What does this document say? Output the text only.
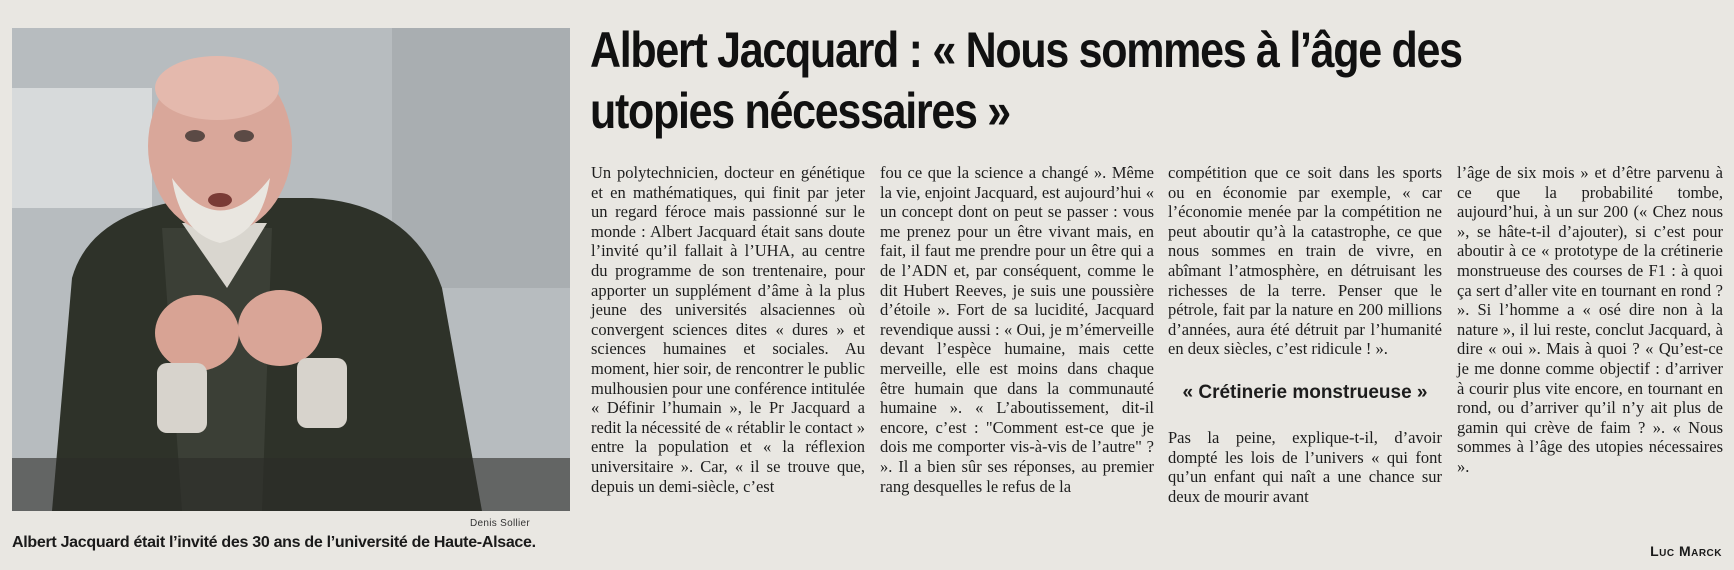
Denis Sollier
Albert Jacquard était l’invité des 30 ans de l’université de Haute-Alsace.
Albert Jacquard : « Nous sommes à l’âge des utopies nécessaires »

Un polytechnicien, docteur en génétique et en mathématiques, qui finit par jeter un regard féroce mais passionné sur le monde : Albert Jacquard était sans doute l’invité qu’il fallait à l’UHA, au centre du programme de son trentenaire, pour apporter un supplément d’âme à la plus jeune des universités alsaciennes où convergent sciences dites « dures » et sciences humaines et sociales. Au moment, hier soir, de rencontrer le public mulhousien pour une conférence intitulée « Définir l’humain », le Pr Jacquard a redit la nécessité de « rétablir le contact » entre la population et « la réflexion universitaire ». Car, « il se trouve que, depuis un demi-siècle, c’est

fou ce que la science a changé ». Même la vie, enjoint Jacquard, est aujourd’hui « un concept dont on peut se passer : vous me prenez pour un être vivant mais, en fait, il faut me prendre pour un être qui a de l’ADN et, par conséquent, comme le dit Hubert Reeves, je suis une poussière d’étoile ». Fort de sa lucidité, Jacquard revendique aussi : « Oui, je m’émerveille devant l’espèce humaine, mais cette merveille, elle est moins dans chaque être humain que dans la communauté humaine ». « L’aboutissement, dit-il encore, c’est : "Comment est-ce que je dois me comporter vis-à-vis de l’autre" ? ». Il a bien sûr ses réponses, au premier rang desquelles le refus de la

compétition que ce soit dans les sports ou en économie par exemple, « car l’économie menée par la compétition ne peut aboutir qu’à la catastrophe, ce que nous sommes en train de vivre, en abîmant l’atmosphère, en détruisant les richesses de la terre. Penser que le pétrole, fait par la nature en 200 millions d’années, aura été détruit par l’humanité en deux siècles, c’est ridicule ! ».

« Crétinerie monstrueuse »

Pas la peine, explique-t-il, d’avoir dompté les lois de l’univers « qui font qu’un enfant qui naît a une chance sur deux de mourir avant

l’âge de six mois » et d’être parvenu à ce que la probabilité tombe, aujourd’hui, à un sur 200 (« Chez nous », se hâte-t-il d’ajouter), si c’est pour aboutir à ce « prototype de la crétinerie monstrueuse des courses de F1 : à quoi ça sert d’aller vite en tournant en rond ? ». Si l’homme a « osé dire non à la nature », il lui reste, conclut Jacquard, à dire « oui ». Mais à quoi ? « Qu’est-ce je me donne comme objectif : d’arriver à courir plus vite encore, en tournant en rond, ou d’arriver qu’il n’y ait plus de gamin qui crève de faim ? ». « Nous sommes à l’âge des utopies nécessaires ».

Luc Marck
